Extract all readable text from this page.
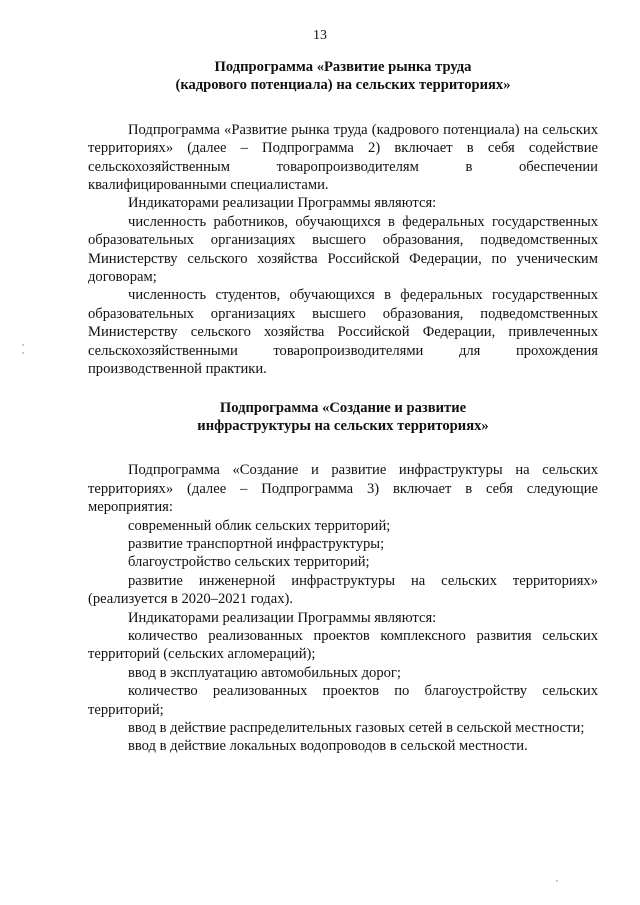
13
Подпрограмма «Развитие рынка труда
(кадрового потенциала) на сельских территориях»

Подпрограмма «Развитие рынка труда (кадрового потенциала) на сельских территориях» (далее – Подпрограмма 2) включает в себя содействие сельскохозяйственным товаропроизводителям в обеспечении квалифицированными специалистами.

Индикаторами реализации Программы являются:

численность работников, обучающихся в федеральных государственных образовательных организациях высшего образования, подведомственных Министерству сельского хозяйства Российской Федерации, по ученическим договорам;

численность студентов, обучающихся в федеральных государственных образовательных организациях высшего образования, подведомственных Министерству сельского хозяйства Российской Федерации, привлеченных сельскохозяйственными товаропроизводителями для прохождения производственной практики.

Подпрограмма «Создание и развитие
инфраструктуры на сельских территориях»

Подпрограмма «Создание и развитие инфраструктуры на сельских территориях» (далее – Подпрограмма 3) включает в себя следующие мероприятия:

современный облик сельских территорий;

развитие транспортной инфраструктуры;

благоустройство сельских территорий;

развитие инженерной инфраструктуры на сельских территориях» (реализуется в 2020–2021 годах).

Индикаторами реализации Программы являются:

количество реализованных проектов комплексного развития сельских территорий (сельских агломераций);

ввод в эксплуатацию автомобильных дорог;

количество реализованных проектов по благоустройству сельских территорий;

ввод в действие распределительных газовых сетей в сельской местности;

ввод в действие локальных водопроводов в сельской местности.
